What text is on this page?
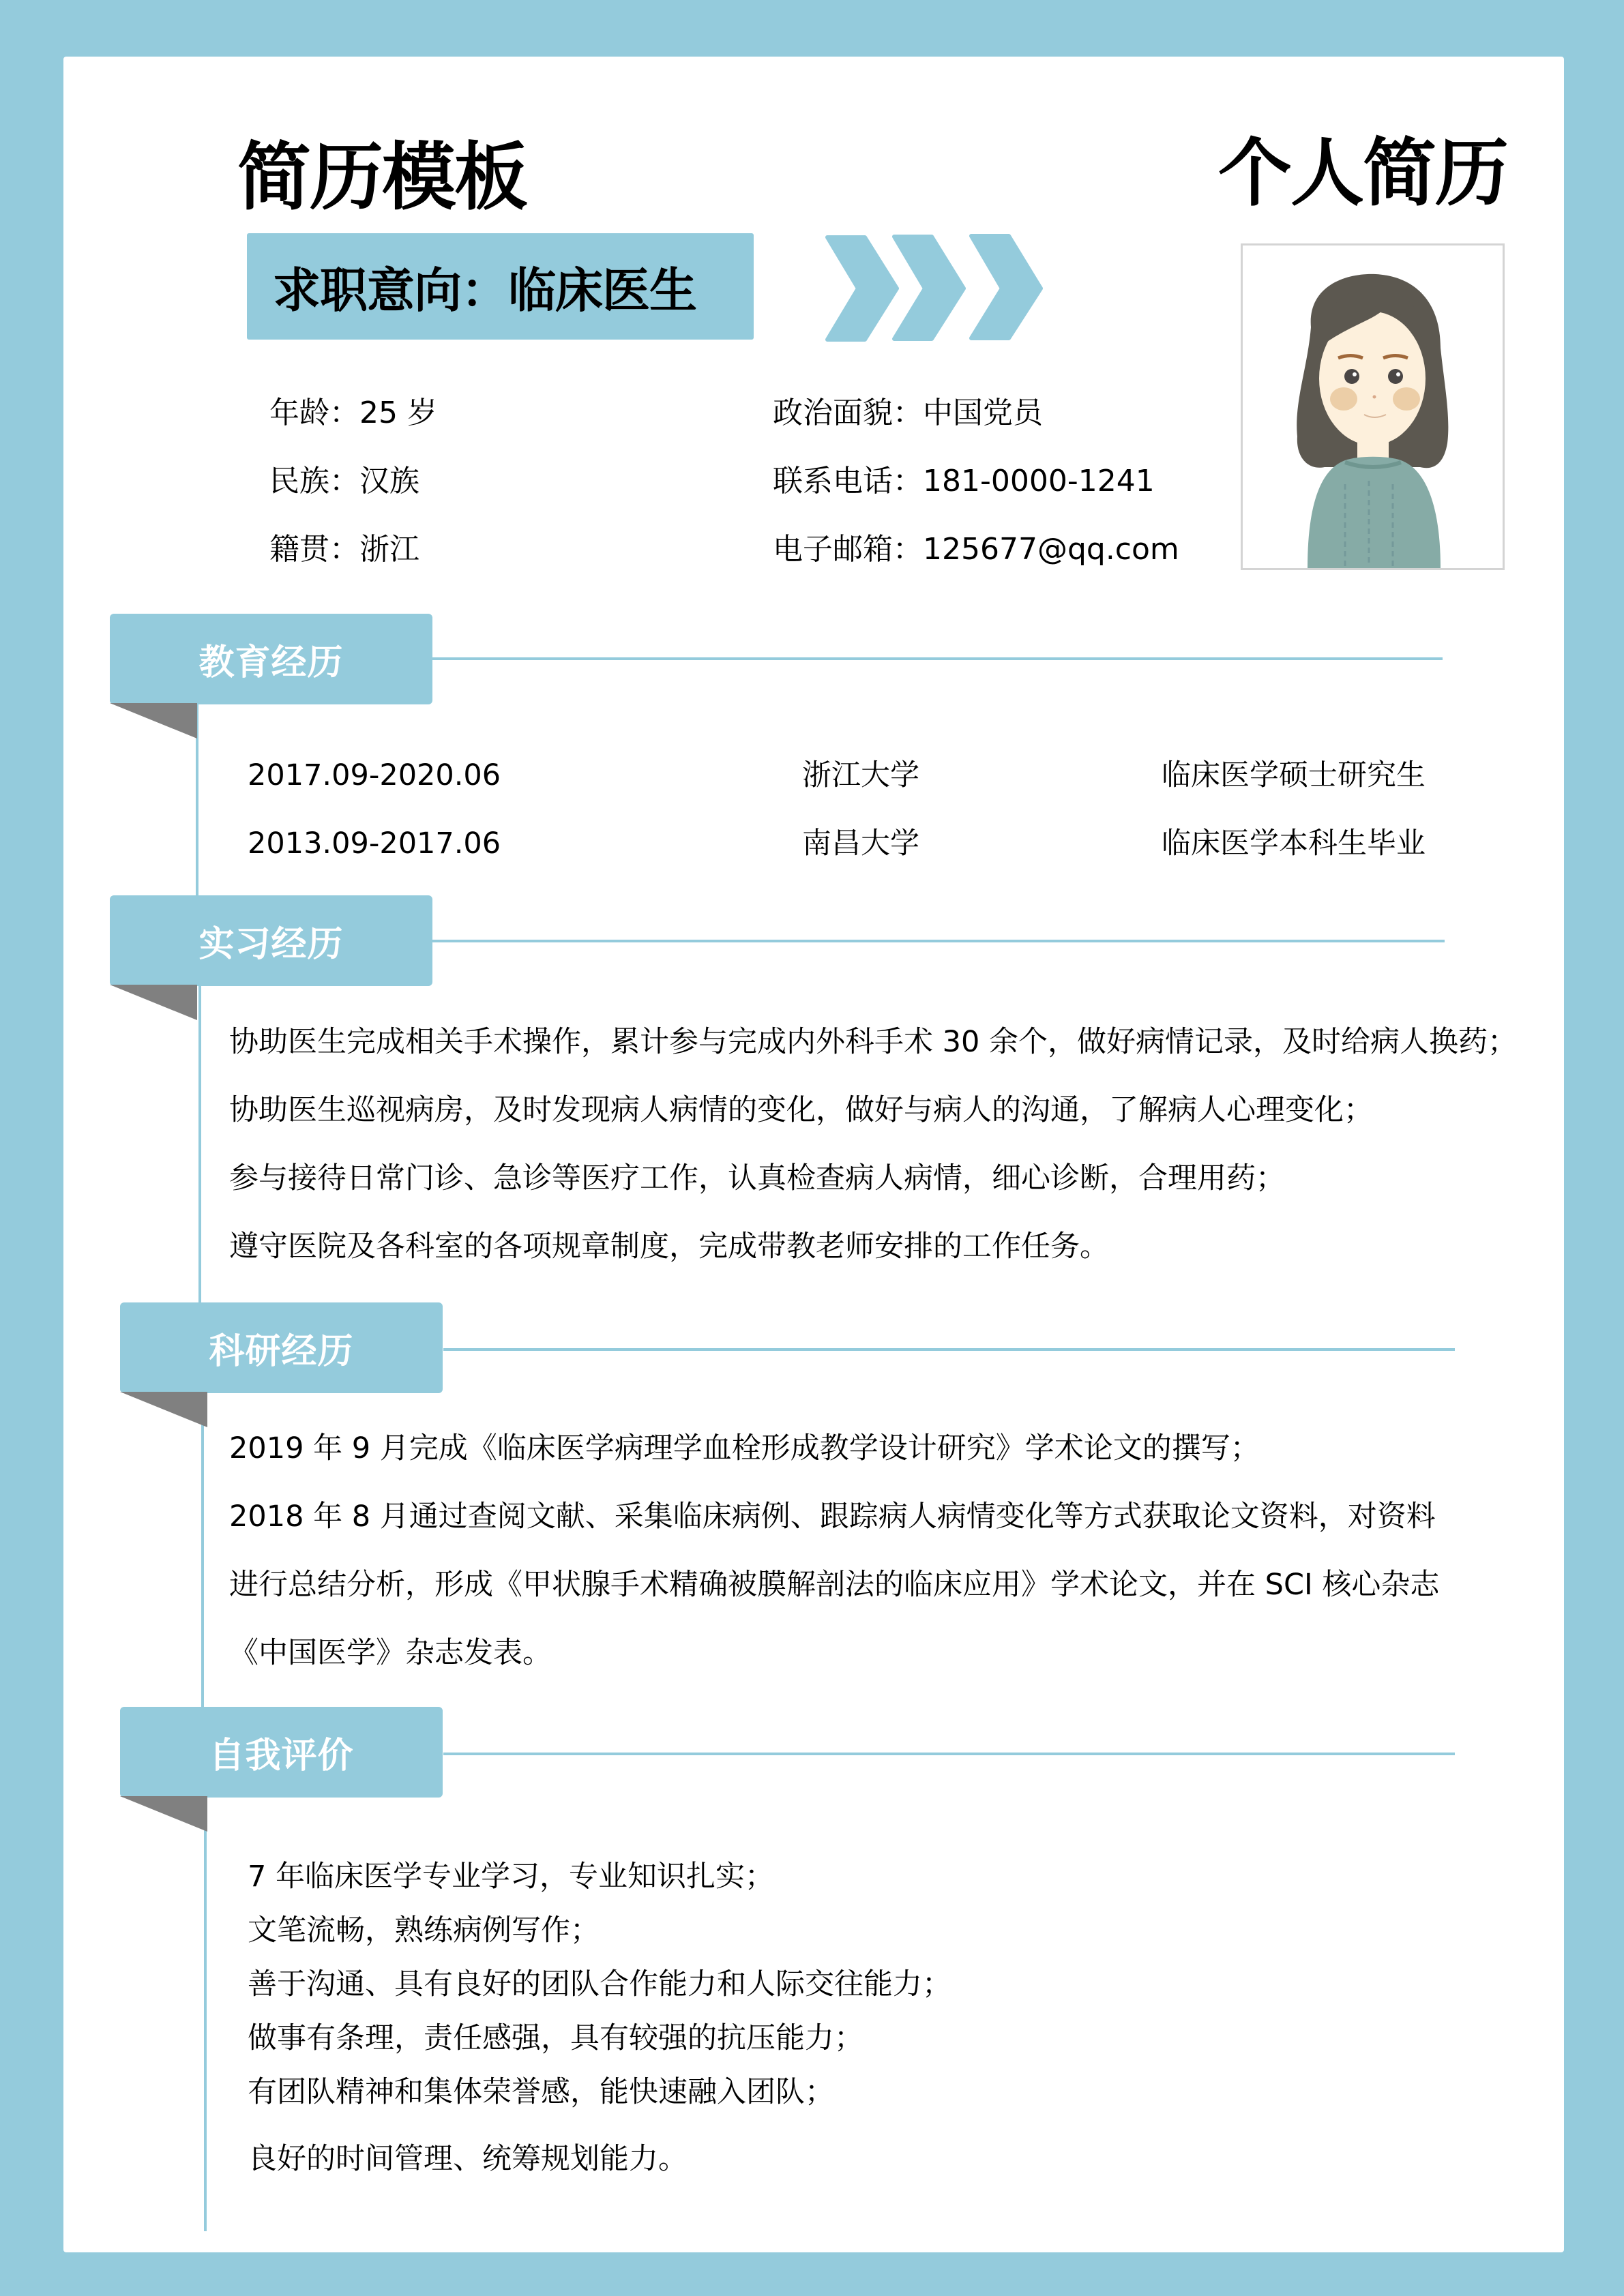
简历模板	个人简历
求职意向：临床医生
年龄：25 岁
民族：汉族
籍贯：浙江
政治面貌：中国党员
联系电话：181-0000-1241
电子邮箱：125677@qq.com
教育经历
2017.09-2020.06	浙江大学	临床医学硕士研究生
2013.09-2017.06	南昌大学	临床医学本科生毕业
实习经历
协助医生完成相关手术操作，累计参与完成内外科手术 30 余个，做好病情记录，及时给病人换药；
协助医生巡视病房，及时发现病人病情的变化，做好与病人的沟通，了解病人心理变化；
参与接待日常门诊、急诊等医疗工作，认真检查病人病情，细心诊断，合理用药；
遵守医院及各科室的各项规章制度，完成带教老师安排的工作任务。
科研经历
2019 年 9 月完成《临床医学病理学血栓形成教学设计研究》学术论文的撰写；
2018 年 8 月通过查阅文献、采集临床病例、跟踪病人病情变化等方式获取论文资料，对资料
进行总结分析，形成《甲状腺手术精确被膜解剖法的临床应用》学术论文，并在 SCI 核心杂志
《中国医学》杂志发表。
自我评价
7 年临床医学专业学习，专业知识扎实；
文笔流畅，熟练病例写作；
善于沟通、具有良好的团队合作能力和人际交往能力；
做事有条理，责任感强，具有较强的抗压能力；
有团队精神和集体荣誉感，能快速融入团队；
良好的时间管理、统筹规划能力。
